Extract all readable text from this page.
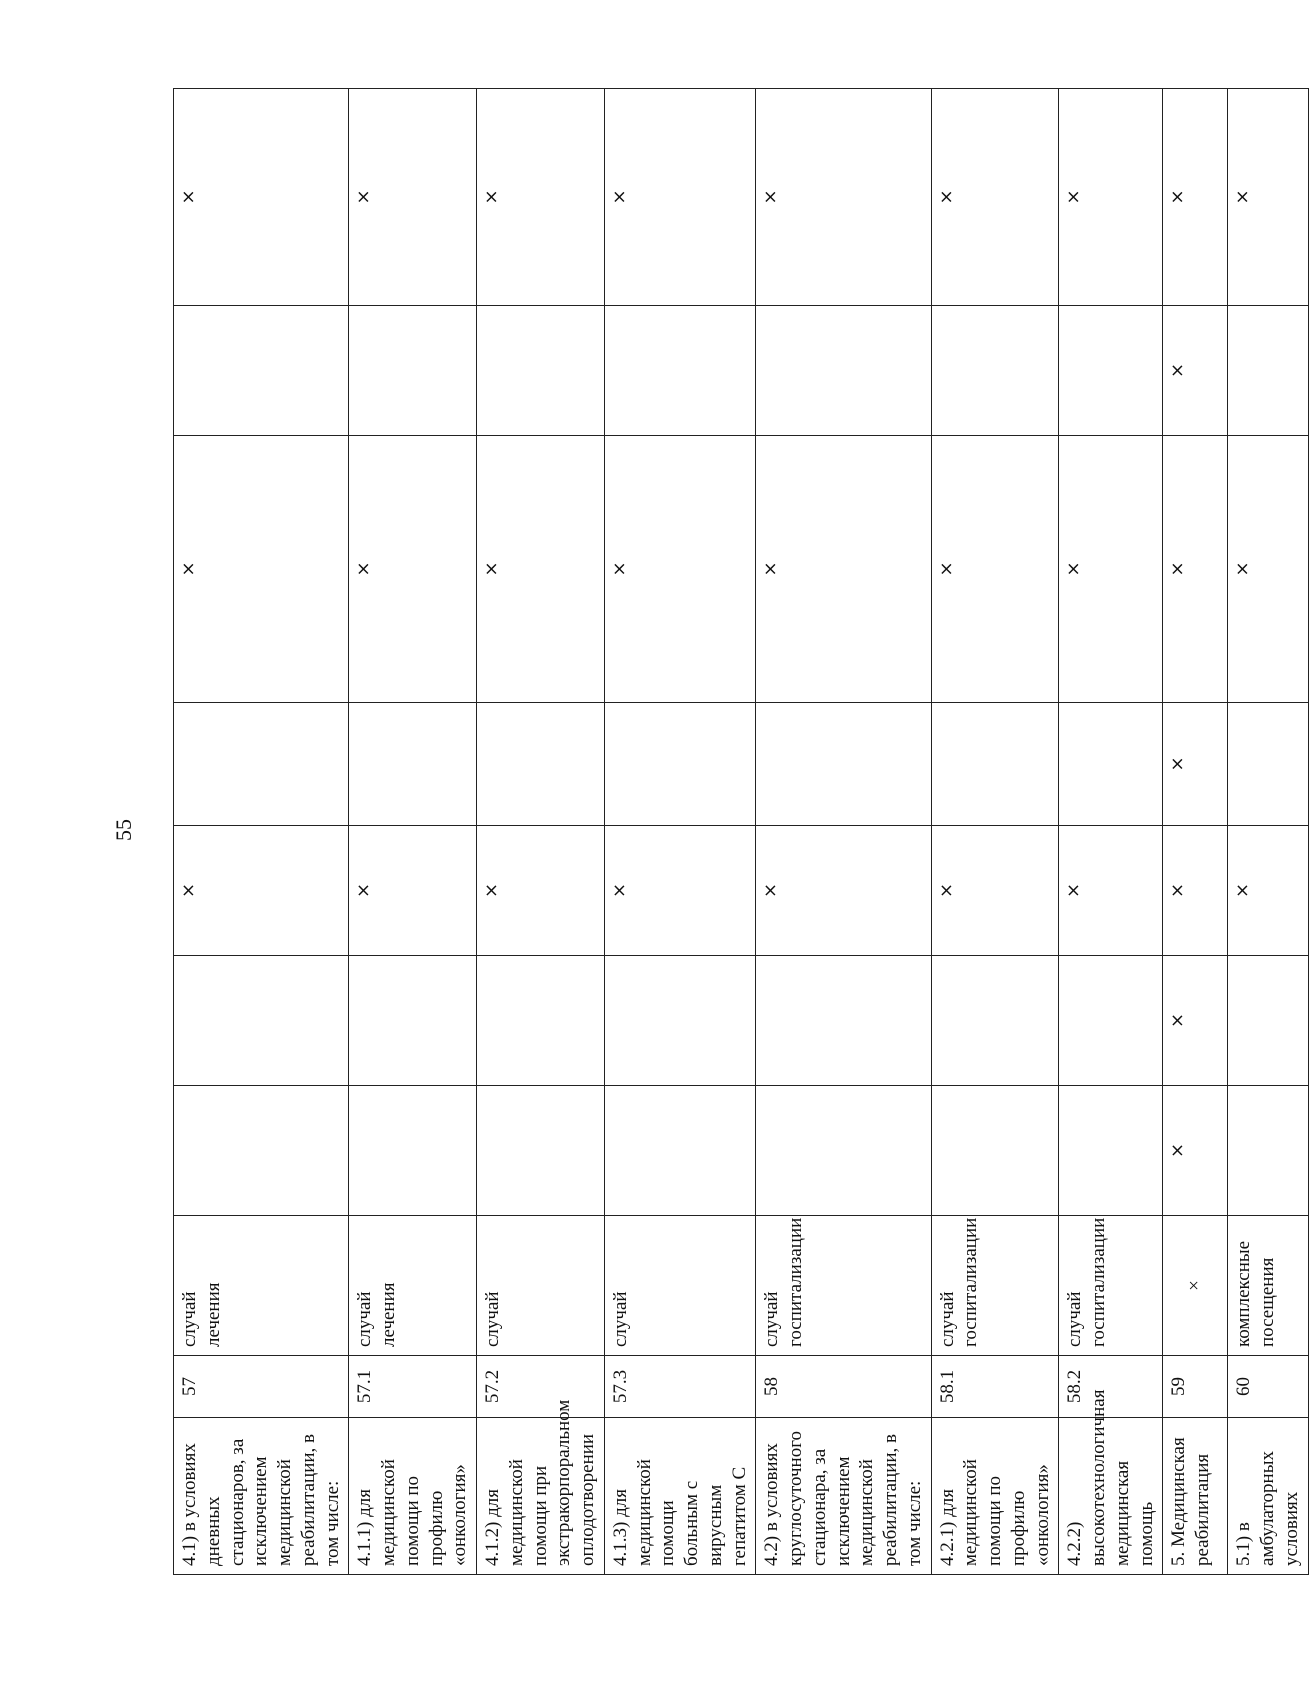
55
4.1) в условиях дневных стационаров, за исключением медицинской реабилитации, в том числе:	57	случай лечения			×		×		×
4.1.1) для медицинской помощи по профилю «онкология»	57.1	случай лечения			×		×		×
4.1.2) для медицинской помощи при экстракорпоральном оплодотворении	57.2	случай			×		×		×
4.1.3) для медицинской помощи больным с вирусным гепатитом С	57.3	случай			×		×		×
4.2) в условиях круглосуточного стационара, за исключением медицинской реабилитации, в том числе:	58	случай госпитализации			×		×		×
4.2.1) для медицинской помощи по профилю «онкология»	58.1	случай госпитализации			×		×		×
4.2.2) высокотехнологичная медицинская помощь	58.2	случай госпитализации			×		×		×
5. Медицинская реабилитация	59	×	×	×	×	×	×	×	×
5.1) в амбулаторных условиях	60	комплексные посещения			×		×		×
